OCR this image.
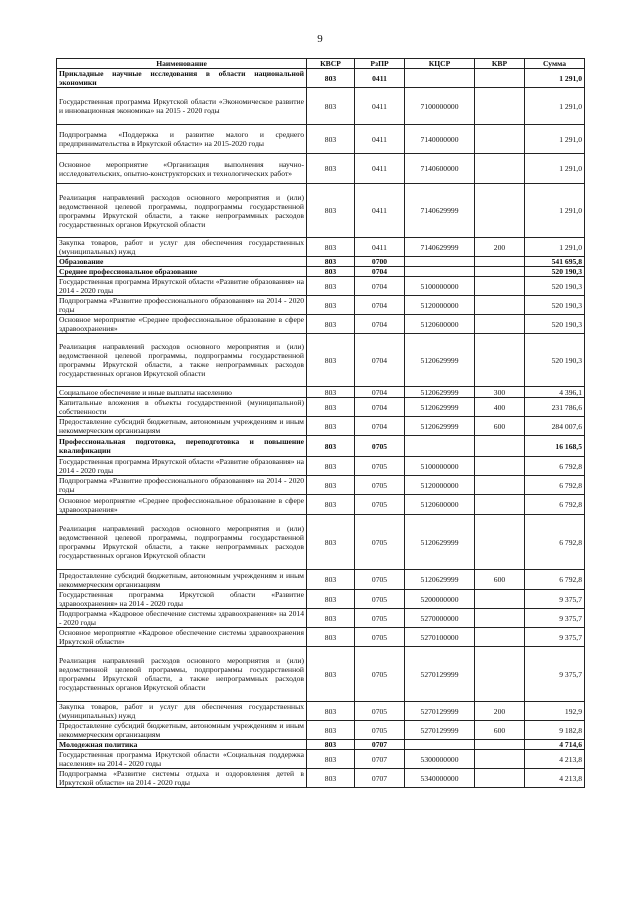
9
Наименование	КВСР	РзПР	КЦСР	КВР	Сумма
Прикладные научные исследования в области национальной экономики	803	0411			1 291,0
Государственная программа Иркутской области «Экономическое развитие и инновационная экономика» на 2015 - 2020 годы	803	0411	7100000000		1 291,0
Подпрограмма «Поддержка и развитие малого и среднего предпринимательства в Иркутской области» на 2015-2020 годы	803	0411	7140000000		1 291,0
Основное мероприятие «Организация выполнения научно-исследовательских, опытно-конструкторских и технологических работ»	803	0411	7140600000		1 291,0
Реализация направлений расходов основного мероприятия и (или) ведомственной целевой программы, подпрограммы государственной программы Иркутской области, а также непрограммных расходов государственных органов Иркутской области	803	0411	7140629999		1 291,0
Закупка товаров, работ и услуг для обеспечения государственных (муниципальных) нужд	803	0411	7140629999	200	1 291,0
Образование	803	0700			541 695,8
Среднее профессиональное образование	803	0704			520 190,3
Государственная программа Иркутской области «Развитие образования» на 2014 - 2020 годы	803	0704	5100000000		520 190,3
Подпрограмма «Развитие профессионального образования» на 2014 - 2020 годы	803	0704	5120000000		520 190,3
Основное мероприятие «Среднее профессиональное образование в сфере здравоохранения»	803	0704	5120600000		520 190,3
Реализация направлений расходов основного мероприятия и (или) ведомственной целевой программы, подпрограммы государственной программы Иркутской области, а также непрограммных расходов государственных органов Иркутской области	803	0704	5120629999		520 190,3
Социальное обеспечение и иные выплаты населению	803	0704	5120629999	300	4 396,1
Капитальные вложения в объекты государственной (муниципальной) собственности	803	0704	5120629999	400	231 786,6
Предоставление субсидий бюджетным, автономным учреждениям и иным некоммерческим организациям	803	0704	5120629999	600	284 007,6
Профессиональная подготовка, переподготовка и повышение квалификации	803	0705			16 168,5
Государственная программа Иркутской области «Развитие образования» на 2014 - 2020 годы	803	0705	5100000000		6 792,8
Подпрограмма «Развитие профессионального образования» на 2014 - 2020 годы	803	0705	5120000000		6 792,8
Основное мероприятие «Среднее профессиональное образование в сфере здравоохранения»	803	0705	5120600000		6 792,8
Реализация направлений расходов основного мероприятия и (или) ведомственной целевой программы, подпрограммы государственной программы Иркутской области, а также непрограммных расходов государственных органов Иркутской области	803	0705	5120629999		6 792,8
Предоставление субсидий бюджетным, автономным учреждениям и иным некоммерческим организациям	803	0705	5120629999	600	6 792,8
Государственная программа Иркутской области «Развитие здравоохранения» на 2014 - 2020 годы	803	0705	5200000000		9 375,7
Подпрограмма «Кадровое обеспечение системы здравоохранения» на 2014 - 2020 годы	803	0705	5270000000		9 375,7
Основное мероприятие «Кадровое обеспечение системы здравоохранения Иркутской области»	803	0705	5270100000		9 375,7
Реализация направлений расходов основного мероприятия и (или) ведомственной целевой программы, подпрограммы государственной программы Иркутской области, а также непрограммных расходов государственных органов Иркутской области	803	0705	5270129999		9 375,7
Закупка товаров, работ и услуг для обеспечения государственных (муниципальных) нужд	803	0705	5270129999	200	192,9
Предоставление субсидий бюджетным, автономным учреждениям и иным некоммерческим организациям	803	0705	5270129999	600	9 182,8
Молодежная политика	803	0707			4 714,6
Государственная программа Иркутской области «Социальная поддержка населения» на 2014 - 2020 годы	803	0707	5300000000		4 213,8
Подпрограмма «Развитие системы отдыха и оздоровления детей в Иркутской области» на 2014 - 2020 годы	803	0707	5340000000		4 213,8
